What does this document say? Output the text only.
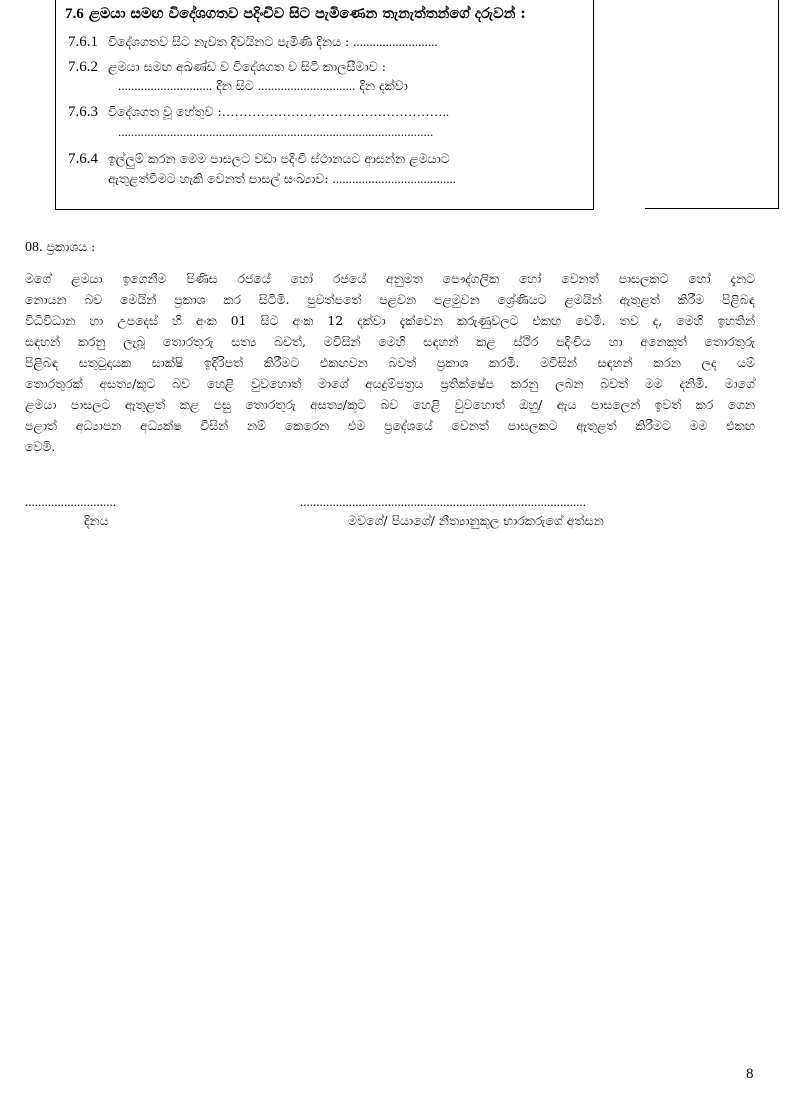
7.6 ළමයා සමඟ විදේශගතව පදිංචිව සිට පැමිණෙන තැනැත්තන්ගේ දරුවන් :
7.6.1 විදේශගතව සිට නැවත දිවයිනට පැමිණි දිනය : ..........................
7.6.2 ළමයා සමඟ අඛණ්ඩ ව විදේශගත ව සිටි කාලසීමාව :
............................. දින සිට .............................. දින දක්වා
7.6.3 විදේශගත වූ හේතුව :……………………………………………..
.................................................................................................
7.6.4 ඉල්ලුම් කරන මෙම පාසලට වඩා පදිංචි ස්ථානයට ආසන්න ළමයාට
ඇතුළත්වීමට හැකි වෙනත් පාසල් සංඛ්‍යාව: ......................................
08. ප්‍රකාශය :
මගේ ළමයා ඉගෙනීම පිණිස රජයේ හෝ රජයේ අනුමත පෞද්ගලික හෝ වෙනත් පාසලකට හෝ දැනට
නොයන බව මෙයින් ප්‍රකාශ කර සිටිමි. පුවත්පතේ පළවන පළමුවන ශ්‍රේණියට ළමයින් ඇතුළත් කිරීම පිළිබඳ
විධිවිධාන හා උපදෙස් හි අංක 01 සිට අංක 12 දක්වා දැක්වෙන කරුණුවලට එකඟ වෙමි. තව ද, මෙහි ඉහතින්
සඳහන් කරනු ලැබූ තොරතුරු සත්‍ය බවත්, මවිසින් මෙහි සඳහන් කළ ස්ථිර පදිංචිය හා අනෙකුත් තොරතුරු
පිළිබඳ සතුටුදායක සාක්ෂි ඉදිරිපත් කිරීමට එකඟවන බවත් ප්‍රකාශ කරමි. මවිසින් සඳහන් කරන ලද යම්
තොරතුරක් අසත්‍ය/කූට බව හෙළි වුවහොත් මාගේ අයදුම්පත්‍රය ප්‍රතික්ෂේප කරනු ලබන බවත් මම දනිමි. මාගේ
ළමයා පාසලට ඇතුළත් කළ පසු තොරතුරු අසත්‍ය/කූට බව හෙළි වුවහොත් ඔහු/ ඇය පාසලෙන් ඉවත් කර ගෙන
පළාත් අධ්‍යාපන අධ්‍යක්ෂ විසින් නම් කෙරෙන එම ප්‍රදේශයේ වෙනත් පාසලකට ඇතුළත් කිරීමට මම එකඟ
වෙමි.
............................
දිනය
........................................................................................
මවගේ/ පියාගේ/ නීත්‍යානුකූල භාරකරුගේ අත්සන
8
